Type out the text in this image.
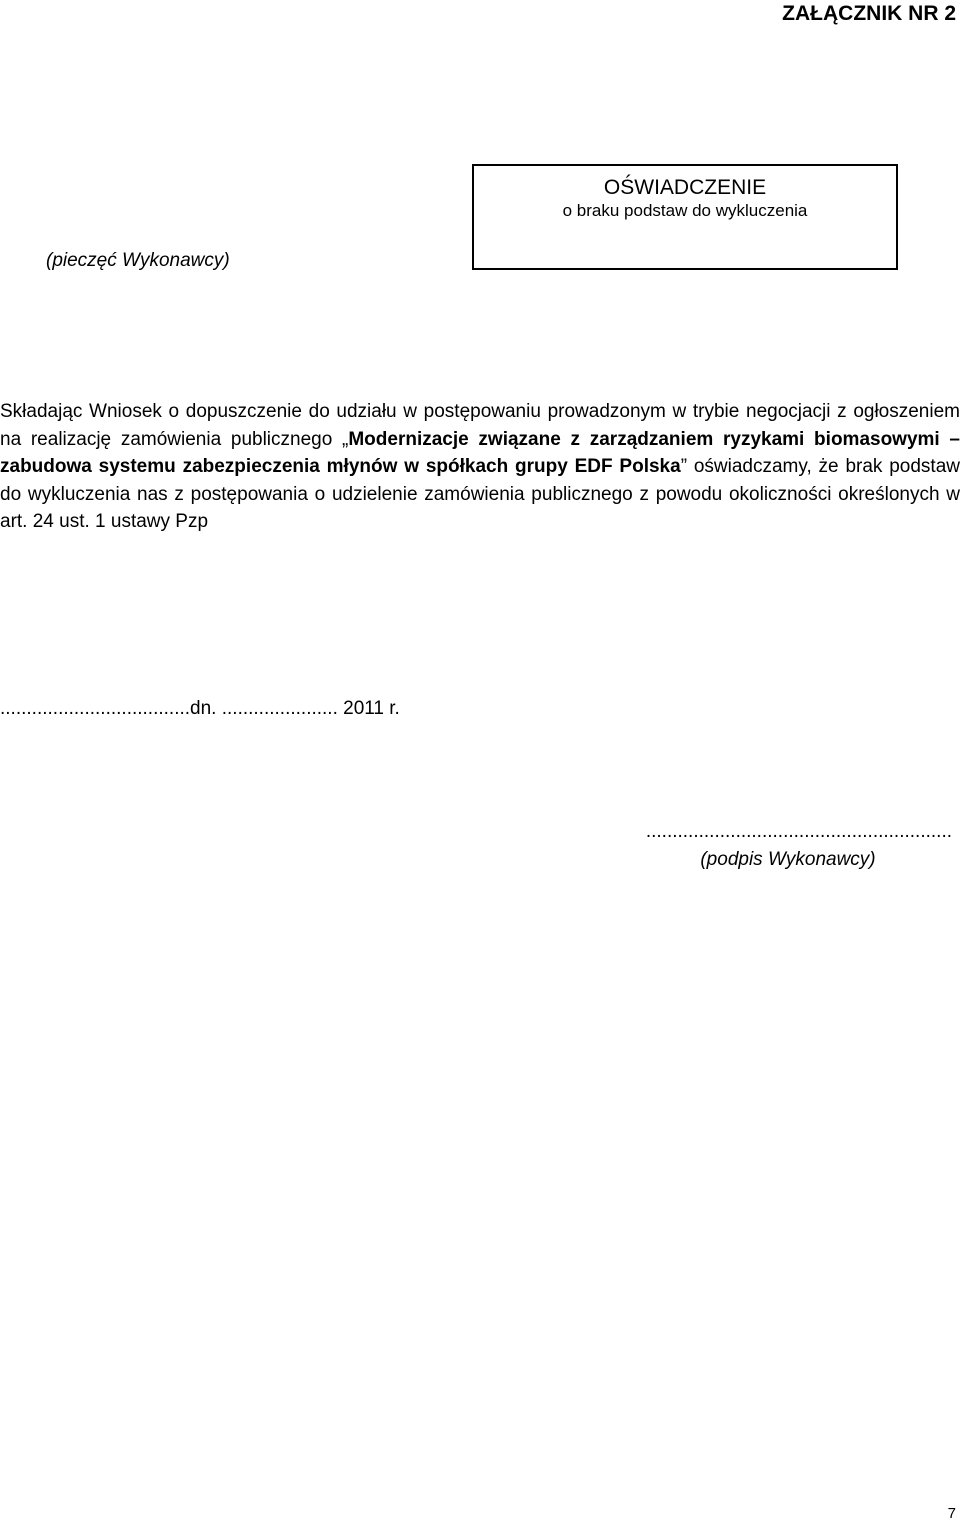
ZAŁĄCZNIK NR 2
OŚWIADCZENIE
o braku podstaw do wykluczenia
(pieczęć Wykonawcy)

Składając Wniosek o dopuszczenie do udziału w postępowaniu prowadzonym w trybie negocjacji z ogłoszeniem na realizację zamówienia publicznego „Modernizacje związane z zarządzaniem ryzykami biomasowymi – zabudowa systemu zabezpieczenia młynów w spółkach grupy EDF Polska” oświadczamy, że brak podstaw do wykluczenia nas z postępowania o udzielenie zamówienia publicznego z powodu okoliczności określonych w art. 24 ust. 1 ustawy Pzp

....................................dn. ...................... 2011 r.
..........................................................
(podpis Wykonawcy)
7
